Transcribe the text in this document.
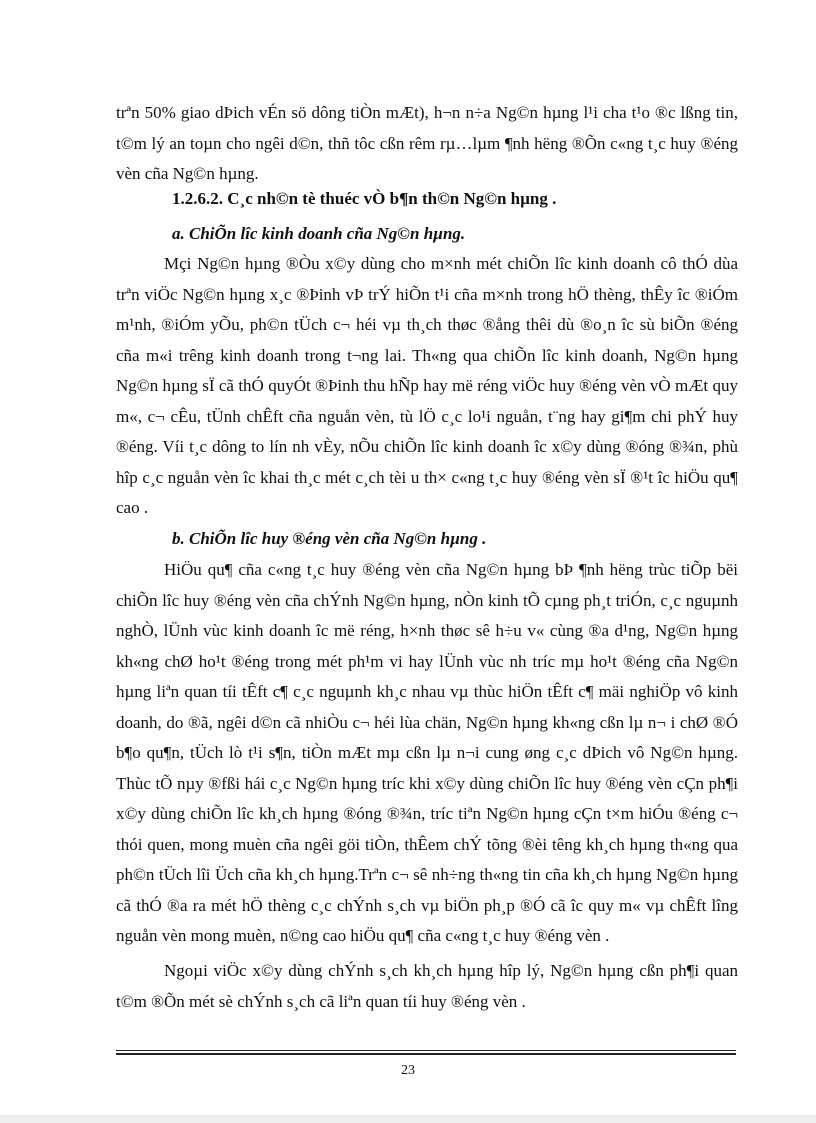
trªn 50% giao dÞich vÉn sö dông tiÒn mÆt), h¬n n÷a Ng©n hµng l¹i cha t¹o ®c lßng tin, t©m lý an toµn cho ngêi d©n, thñ tôc cßn rêm rµ…lµm ¶nh hëng ®Õn c«ng t¸c huy ®éng vèn cña Ng©n hµng.

1.2.6.2. C¸c nh©n tè thuéc vÒ b¶n th©n Ng©n hµng .
a. ChiÕn lîc kinh doanh cña Ng©n hµng.

Mçi Ng©n hµng ®Òu x©y dùng cho m×nh mét chiÕn lîc kinh doanh cô thÓ dùa trªn viÖc Ng©n hµng x¸c ®Þinh vÞ trÝ hiÕn t¹i cña m×nh trong hÖ thèng, thÊy îc ®iÓm m¹nh, ®iÓm yÕu, ph©n tÜch c¬ héi vµ th¸ch thøc ®ång thêi dù ®o¸n îc sù biÕn ®éng cña m«i trêng kinh doanh trong t¬ng lai. Th«ng qua chiÕn lîc kinh doanh, Ng©n hµng Ng©n hµng sÏ cã thÓ quyÓt ®Þinh thu hÑp hay më réng viÖc huy ®éng vèn vÒ mÆt quy m«, c¬ cÊu, tÜnh chÊft cña nguån vèn, tù lÖ c¸c lo¹i nguån, t¨ng hay gi¶m chi phÝ huy ®éng. Víi t¸c dông to lín nh vÈy, nÕu chiÕn lîc kinh doanh îc x©y dùng ®óng ®¾n, phù hîp c¸c nguån vèn îc khai th¸c mét c¸ch tèi u th× c«ng t¸c huy ®éng vèn sÏ ®¹t îc hiÖu qu¶ cao .

b. ChiÕn lîc huy ®éng vèn cña Ng©n hµng .

HiÖu qu¶ cña c«ng t¸c huy ®éng vèn cña Ng©n hµng bÞ ¶nh hëng trùc tiÕp bëi chiÕn lîc huy ®éng vèn cña chÝnh Ng©n hµng, nÒn kinh tÕ cµng ph¸t triÓn, c¸c nguµnh nghÒ, lÜnh vùc kinh doanh îc më réng, h×nh thøc sê h÷u v« cùng ®a d¹ng, Ng©n hµng kh«ng chØ ho¹t ®éng trong mét ph¹m vi hay lÜnh vùc nh tríc mµ ho¹t ®éng cña Ng©n hµng liªn quan tíi tÊft c¶ c¸c nguµnh kh¸c nhau vµ thùc hiÖn tÊft c¶ mäi nghiÖp vô kinh doanh, do ®ã, ngêi d©n cã nhiÒu c¬ héi lùa chän, Ng©n hµng kh«ng cßn lµ n¬ i chØ ®Ó b¶o qu¶n, tÜch lò t¹i s¶n, tiÒn mÆt mµ cßn lµ n¬i cung øng c¸c dÞich vô Ng©n hµng. Thùc tÕ nµy ®fßi hái c¸c Ng©n hµng tríc khi x©y dùng chiÕn lîc huy ®éng vèn cÇn ph¶i x©y dùng chiÕn lîc kh¸ch hµng ®óng ®¾n, tríc tiªn Ng©n hµng cÇn t×m hiÓu ®éng c¬ thói quen, mong muèn cña ngêi göi tiÒn, thÊem chÝ tõng ®èi têng kh¸ch hµng th«ng qua ph©n tÜch lîi Üch cña kh¸ch hµng.Trªn c¬ sê nh÷ng th«ng tin cña kh¸ch hµng Ng©n hµng cã thÓ ®a ra mét hÖ thèng c¸c chÝnh s¸ch vµ biÖn ph¸p ®Ó cã îc quy m« vµ chÊft lîng nguån vèn mong muèn, n©ng cao hiÖu qu¶ cña c«ng t¸c huy ®éng vèn .

Ngoµi viÖc x©y dùng chÝnh s¸ch kh¸ch hµng hîp lý, Ng©n hµng cßn ph¶i quan t©m ®Õn mét sè chÝnh s¸ch cã liªn quan tíi huy ®éng vèn .

23
